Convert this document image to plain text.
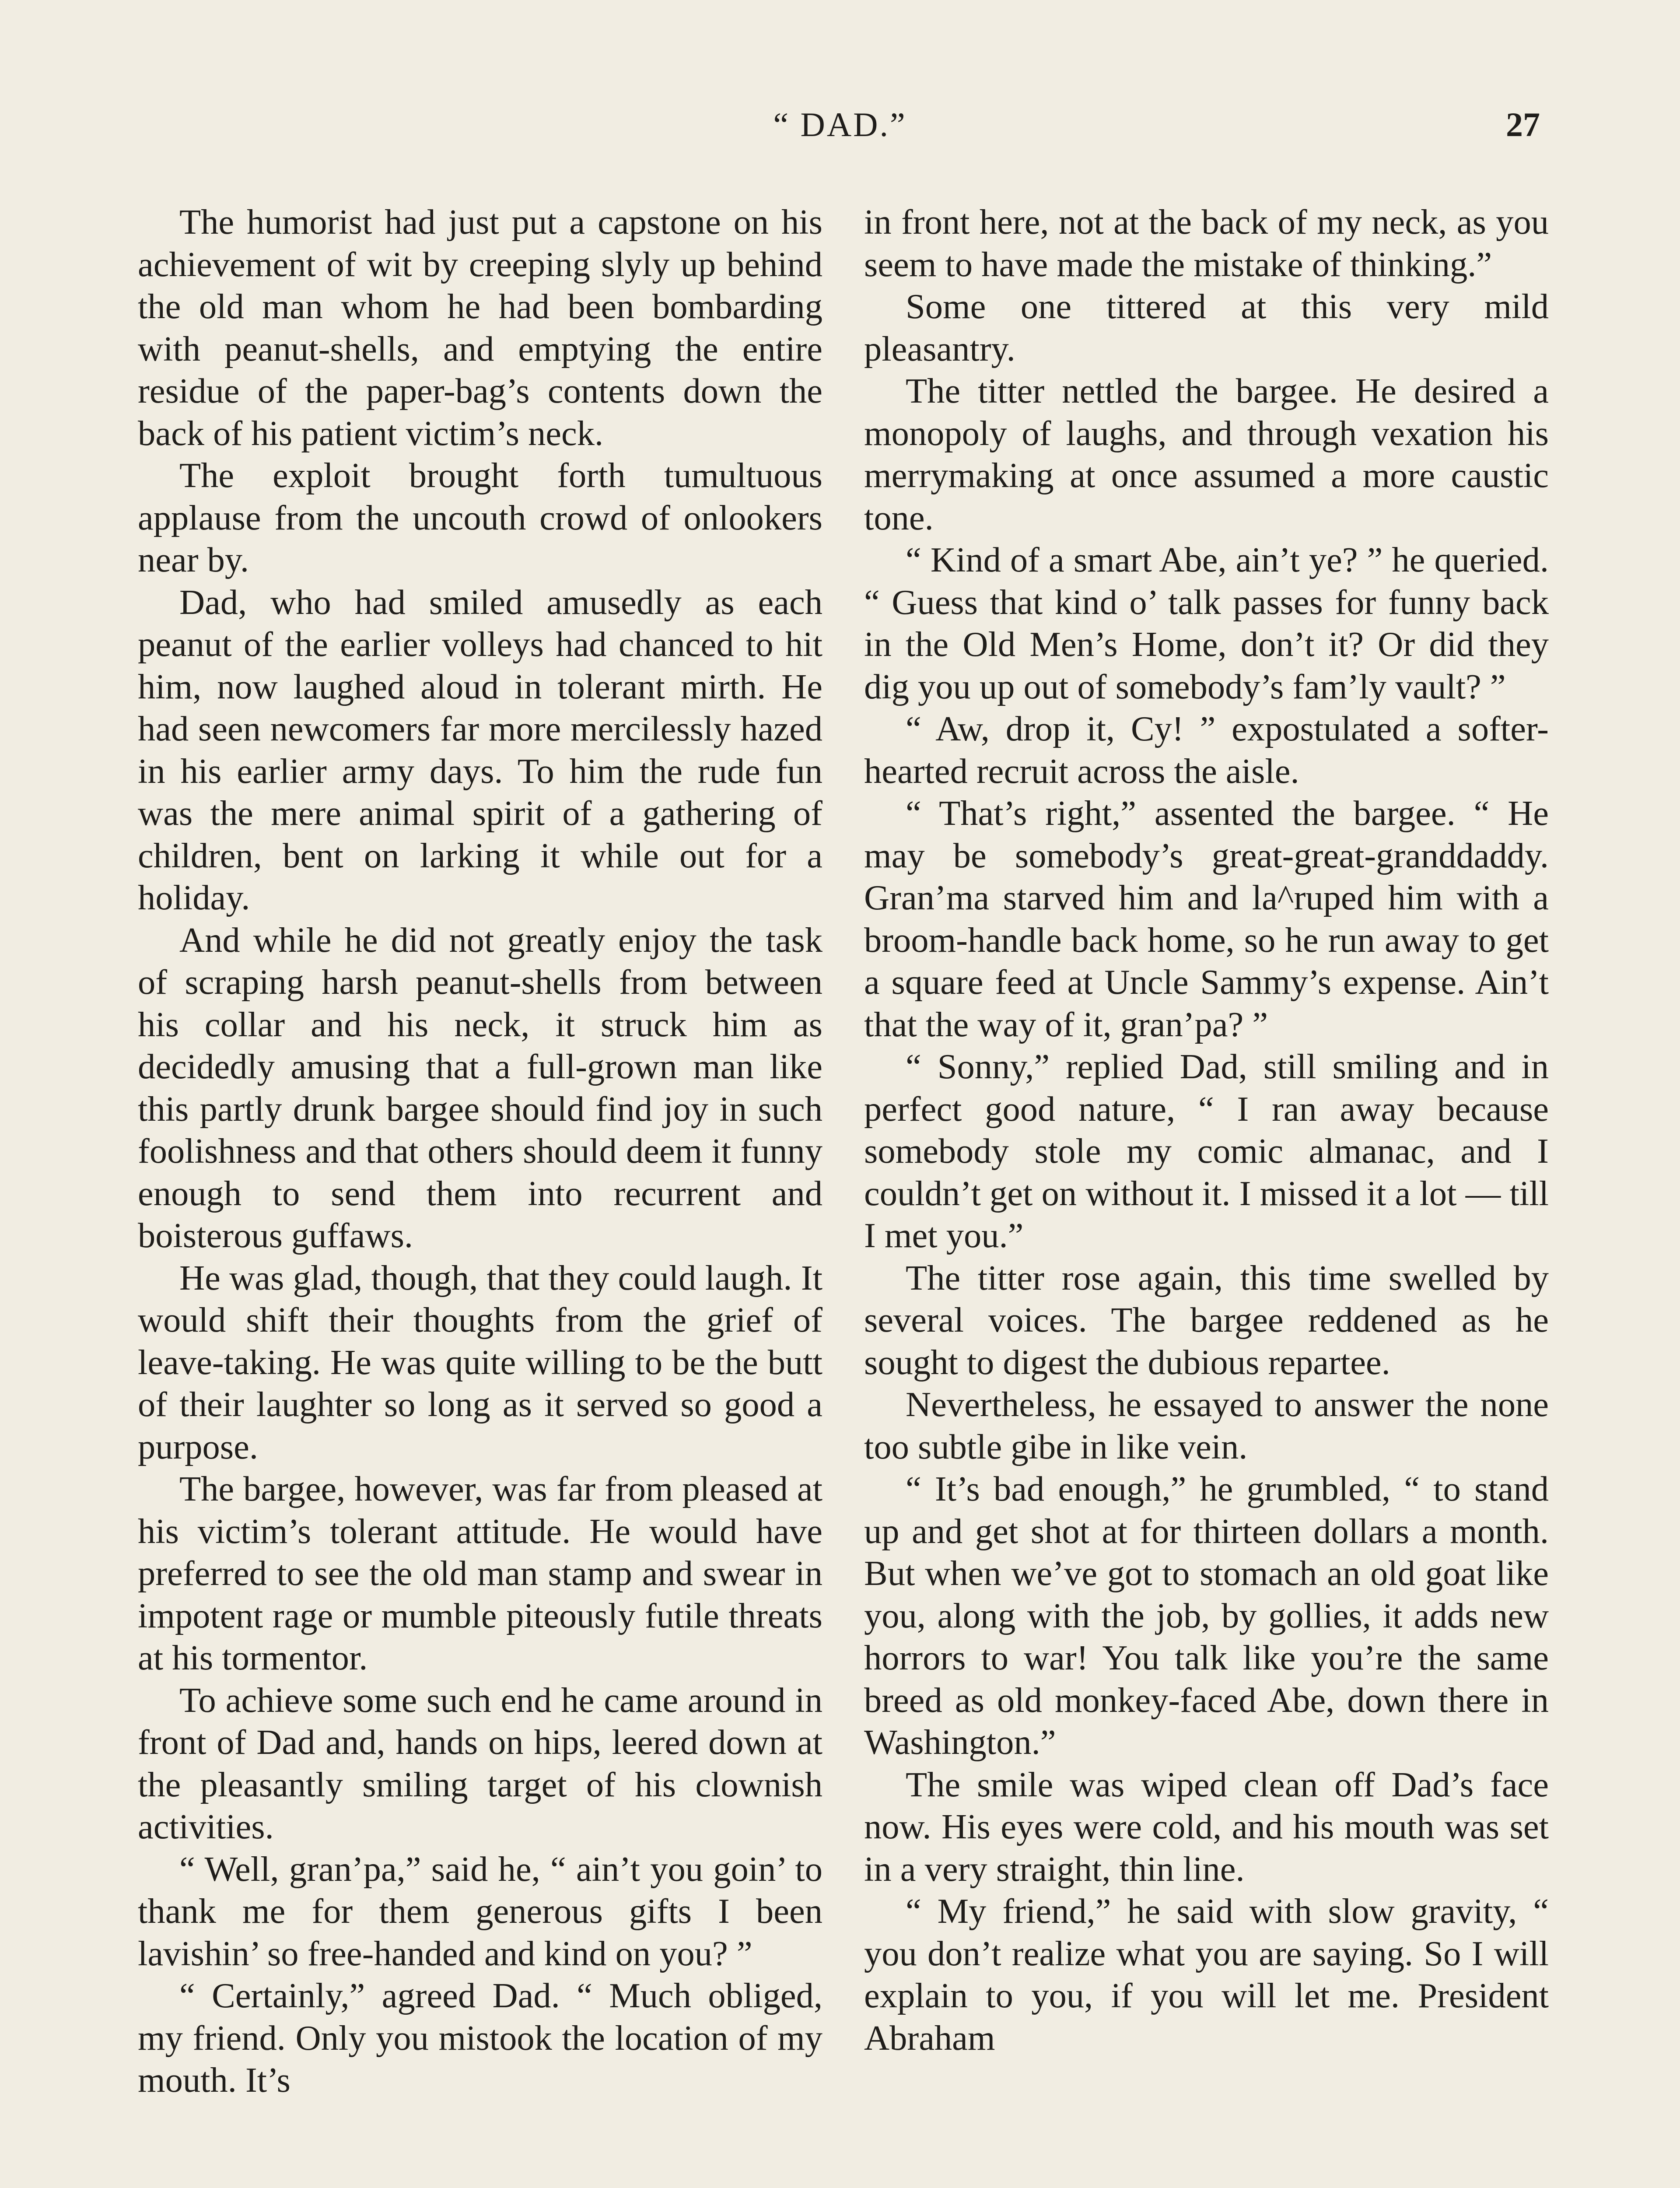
“ DAD.”	27

The humorist had just put a capstone on his achievement of wit by creeping slyly up behind the old man whom he had been bombarding with peanut-shells, and emptying the entire residue of the paper-bag’s contents down the back of his patient victim’s neck.

The exploit brought forth tumultuous applause from the uncouth crowd of onlookers near by.

Dad, who had smiled amusedly as each peanut of the earlier volleys had chanced to hit him, now laughed aloud in tolerant mirth. He had seen newcomers far more mercilessly hazed in his earlier army days. To him the rude fun was the mere animal spirit of a gathering of children, bent on larking it while out for a holiday.

And while he did not greatly enjoy the task of scraping harsh peanut-shells from between his collar and his neck, it struck him as decidedly amusing that a full-grown man like this partly drunk bargee should find joy in such foolishness and that others should deem it funny enough to send them into recurrent and boisterous guffaws.

He was glad, though, that they could laugh. It would shift their thoughts from the grief of leave-taking. He was quite willing to be the butt of their laughter so long as it served so good a purpose.

The bargee, however, was far from pleased at his victim’s tolerant attitude. He would have preferred to see the old man stamp and swear in impotent rage or mumble piteously futile threats at his tormentor.

To achieve some such end he came around in front of Dad and, hands on hips, leered down at the pleasantly smiling target of his clownish activities.

“ Well, gran’pa,” said he, “ ain’t you goin’ to thank me for them generous gifts I been lavishin’ so free-handed and kind on you? ”

“ Certainly,” agreed Dad. “ Much obliged, my friend. Only you mistook the location of my mouth. It’s

in front here, not at the back of my neck, as you seem to have made the mistake of thinking.”

Some one tittered at this very mild pleasantry.

The titter nettled the bargee. He desired a monopoly of laughs, and through vexation his merrymaking at once assumed a more caustic tone.

“ Kind of a smart Abe, ain’t ye? ” he queried. “ Guess that kind o’ talk passes for funny back in the Old Men’s Home, don’t it? Or did they dig you up out of somebody’s fam’ly vault? ”

“ Aw, drop it, Cy! ” expostulated a softer-hearted recruit across the aisle.

“ That’s right,” assented the bargee. “ He may be somebody’s great-great-granddaddy. Gran’ma starved him and la^ruped him with a broom-handle back home, so he run away to get a square feed at Uncle Sammy’s expense. Ain’t that the way of it, gran’pa? ”

“ Sonny,” replied Dad, still smiling and in perfect good nature, “ I ran away because somebody stole my comic almanac, and I couldn’t get on without it. I missed it a lot — till I met you.”

The titter rose again, this time swelled by several voices. The bargee reddened as he sought to digest the dubious repartee.

Nevertheless, he essayed to answer the none too subtle gibe in like vein.

“ It’s bad enough,” he grumbled, “ to stand up and get shot at for thirteen dollars a month. But when we’ve got to stomach an old goat like you, along with the job, by gollies, it adds new horrors to war! You talk like you’re the same breed as old monkey-faced Abe, down there in Washington.”

The smile was wiped clean off Dad’s face now. His eyes were cold, and his mouth was set in a very straight, thin line.

“ My friend,” he said with slow gravity, “ you don’t realize what you are saying. So I will explain to you, if you will let me. President Abraham
